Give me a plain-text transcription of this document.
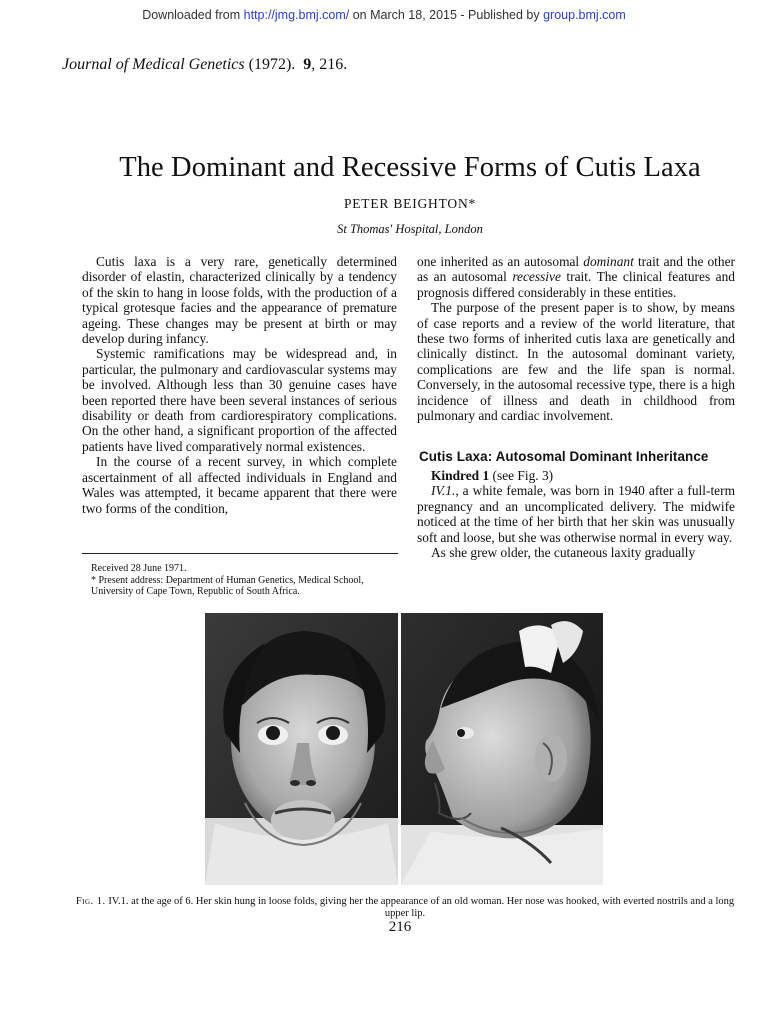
Downloaded from http://jmg.bmj.com/ on March 18, 2015 - Published by group.bmj.com
Journal of Medical Genetics (1972). 9, 216.
The Dominant and Recessive Forms of Cutis Laxa
PETER BEIGHTON*
St Thomas' Hospital, London

Cutis laxa is a very rare, genetically determined disorder of elastin, characterized clinically by a tendency of the skin to hang in loose folds, with the production of a typical grotesque facies and the appearance of premature ageing. These changes may be present at birth or may develop during infancy.

Systemic ramifications may be widespread and, in particular, the pulmonary and cardiovascular systems may be involved. Although less than 30 genuine cases have been reported there have been several instances of serious disability or death from cardiorespiratory complications. On the other hand, a significant proportion of the affected patients have lived comparatively normal existences.

In the course of a recent survey, in which complete ascertainment of all affected individuals in England and Wales was attempted, it became apparent that there were two forms of the condition,

Received 28 June 1971.
* Present address: Department of Human Genetics, Medical School, University of Cape Town, Republic of South Africa.

one inherited as an autosomal dominant trait and the other as an autosomal recessive trait. The clinical features and prognosis differed considerably in these entities.

The purpose of the present paper is to show, by means of case reports and a review of the world literature, that these two forms of inherited cutis laxa are genetically and clinically distinct. In the autosomal dominant variety, complications are few and the life span is normal. Conversely, in the autosomal recessive type, there is a high incidence of illness and death in childhood from pulmonary and cardiac involvement.

Cutis Laxa: Autosomal Dominant Inheritance

Kindred 1 (see Fig. 3)

IV.1., a white female, was born in 1940 after a full-term pregnancy and an uncomplicated delivery. The midwife noticed at the time of her birth that her skin was unusually soft and loose, but she was otherwise normal in every way.

As she grew older, the cutaneous laxity gradually

Fig. 1. IV.1. at the age of 6. Her skin hung in loose folds, giving her the appearance of an old woman. Her nose was hooked, with everted nostrils and a long upper lip.
216
